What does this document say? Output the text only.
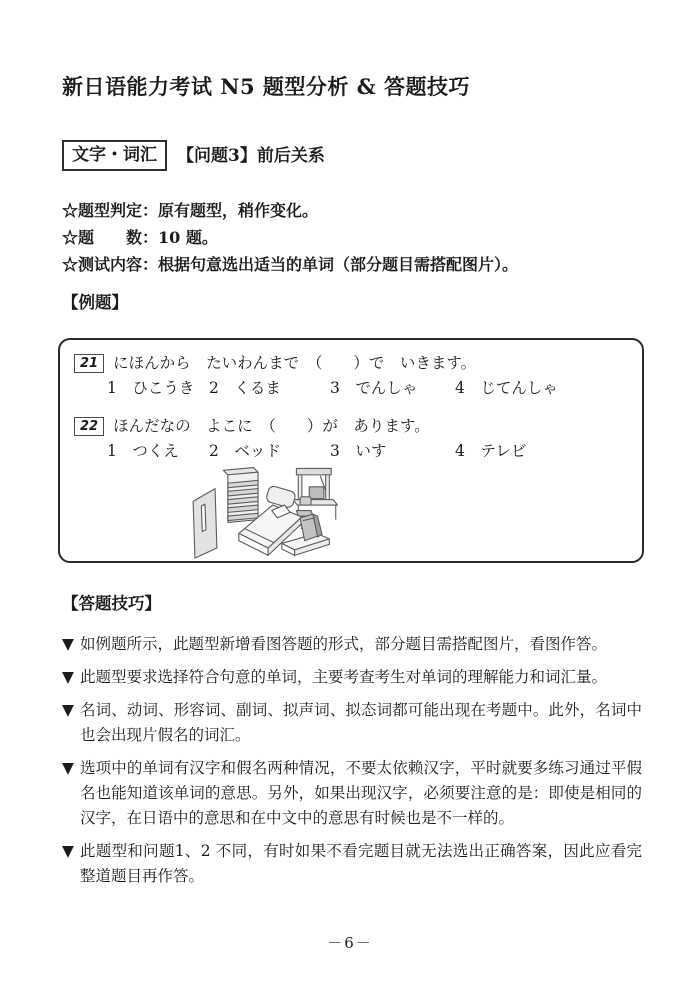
新日语能力考试 N5 题型分析 & 答题技巧
文字・词汇	【问题3】前后关系
☆题型判定：原有题型，稍作变化。
☆题　　数：10 题。
☆测试内容：根据句意选出适当的单词（部分题目需搭配图片）。
【例题】
21 にほんから　たいわんまで　（　　）で　いきます。
1　ひこうき 2　くるま	3　でんしゃ	4　じてんしゃ
22 ほんだなの　よこに　（　　）が　あります。
1　つくえ	2　ベッド	3　いす	4　テレビ
【答题技巧】
▼ 如例题所示，此题型新增看图答题的形式，部分题目需搭配图片，看图作答。
▼ 此题型要求选择符合句意的单词，主要考查考生对单词的理解能力和词汇量。
▼ 名词、动词、形容词、副词、拟声词、拟态词都可能出现在考题中。此外，名词中也会出现片假名的词汇。
▼ 选项中的单词有汉字和假名两种情况，不要太依赖汉字，平时就要多练习通过平假名也能知道该单词的意思。另外，如果出现汉字，必须要注意的是：即使是相同的汉字，在日语中的意思和在中文中的意思有时候也是不一样的。
▼ 此题型和问题1、2 不同，有时如果不看完题目就无法选出正确答案，因此应看完整道题目再作答。
－6－
